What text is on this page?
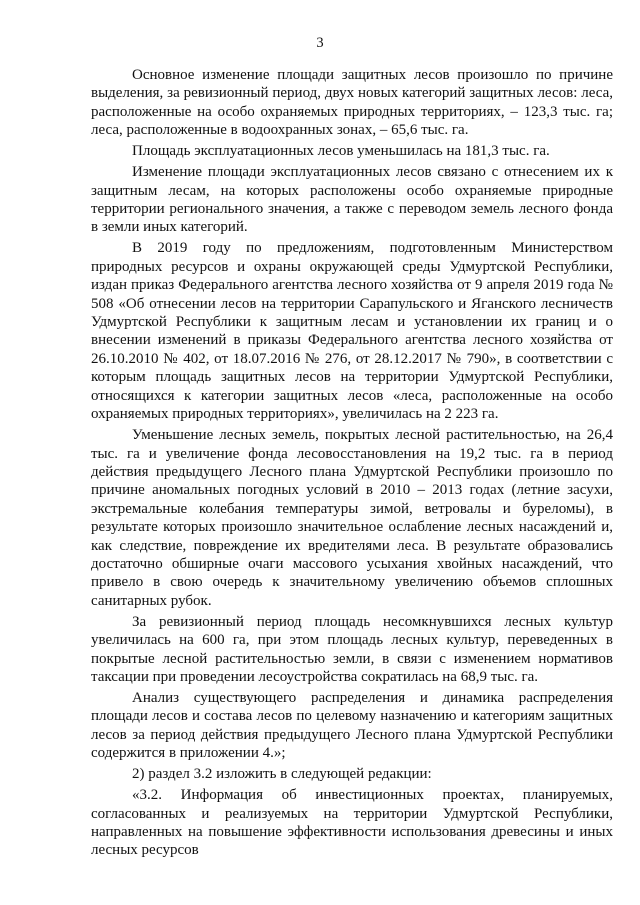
3

Основное изменение площади защитных лесов произошло по причине выделения, за ревизионный период, двух новых категорий защитных лесов: леса, расположенные на особо охраняемых природных территориях, – 123,3 тыс. га; леса, расположенные в водоохранных зонах, – 65,6 тыс. га.

Площадь эксплуатационных лесов уменьшилась на 181,3 тыс. га.

Изменение площади эксплуатационных лесов связано с отнесением их к защитным лесам, на которых расположены особо охраняемые природные территории регионального значения, а также с переводом земель лесного фонда в земли иных категорий.

В 2019 году по предложениям, подготовленным Министерством природных ресурсов и охраны окружающей среды Удмуртской Республики, издан приказ Федерального агентства лесного хозяйства от 9 апреля 2019 года № 508 «Об отнесении лесов на территории Сарапульского и Яганского лесничеств Удмуртской Республики к защитным лесам и установлении их границ и о внесении изменений в приказы Федерального агентства лесного хозяйства от 26.10.2010 № 402, от 18.07.2016 № 276, от 28.12.2017 № 790», в соответствии с которым площадь защитных лесов на территории Удмуртской Республики, относящихся к категории защитных лесов «леса, расположенные на особо охраняемых природных территориях», увеличилась на 2 223 га.

Уменьшение лесных земель, покрытых лесной растительностью, на 26,4 тыс. га и увеличение фонда лесовосстановления на 19,2 тыс. га в период действия предыдущего Лесного плана Удмуртской Республики произошло по причине аномальных погодных условий в 2010 – 2013 годах (летние засухи, экстремальные колебания температуры зимой, ветровалы и буреломы), в результате которых произошло значительное ослабление лесных насаждений и, как следствие, повреждение их вредителями леса. В результате образовались достаточно обширные очаги массового усыхания хвойных насаждений, что привело в свою очередь к значительному увеличению объемов сплошных санитарных рубок.

За ревизионный период площадь несомкнувшихся лесных культур увеличилась на 600 га, при этом площадь лесных культур, переведенных в покрытые лесной растительностью земли, в связи с изменением нормативов таксации при проведении лесоустройства сократилась на 68,9 тыс. га.

Анализ существующего распределения и динамика распределения площади лесов и состава лесов по целевому назначению и категориям защитных лесов за период действия предыдущего Лесного плана Удмуртской Республики содержится в приложении 4.»;

2) раздел 3.2 изложить в следующей редакции:

«3.2. Информация об инвестиционных проектах, планируемых, согласованных и реализуемых на территории Удмуртской Республики, направленных на повышение эффективности использования древесины и иных лесных ресурсов
